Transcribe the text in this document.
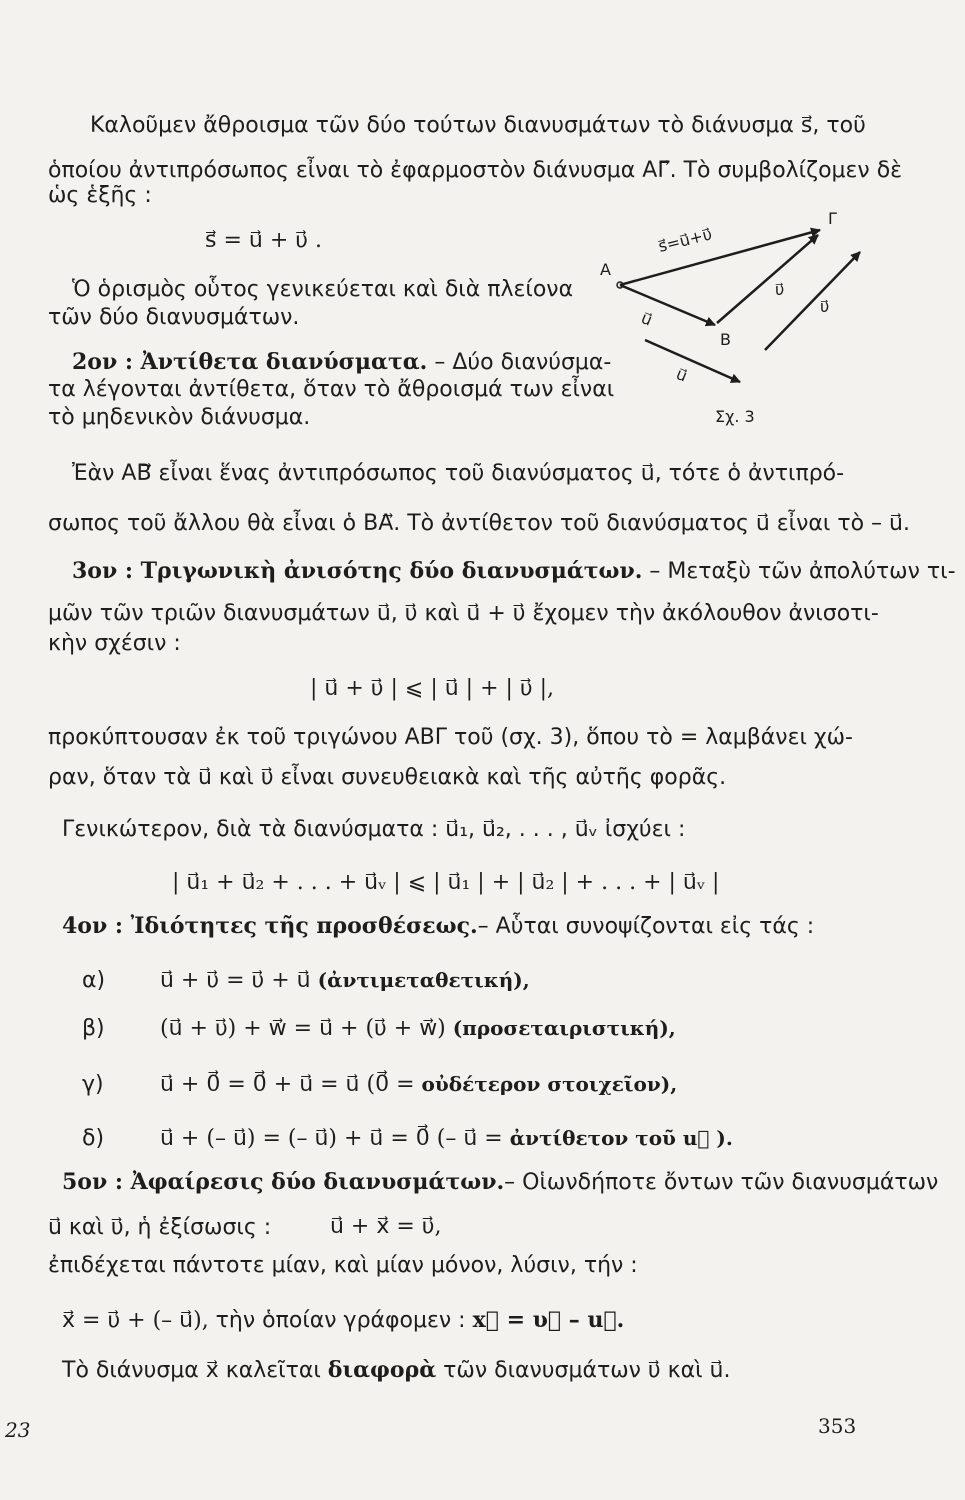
Καλοῦμεν ἄθροισμα τῶν δύο τούτων διανυσμάτων τὸ διάνυσμα s⃗, τοῦ
ὁποίου ἀντιπρόσωπος εἶναι τὸ ἐφαρμοστὸν διάνυσμα ΑΓ⃗. Τὸ συμβολίζομεν δὲ
ὡς ἑξῆς :
s⃗ = u⃗ + υ⃗ .
Ὁ ὁρισμὸς οὗτος γενικεύεται καὶ διὰ πλείονα
τῶν δύο διανυσμάτων.
2ον : Ἀντίθετα διανύσματα. – Δύο διανύσμα-
τα λέγονται ἀντίθετα, ὅταν τὸ ἄθροισμά των εἶναι
τὸ μηδενικὸν διάνυσμα.
Α
Β
Γ
s⃗=u⃗+υ⃗
u⃗
υ⃗
υ⃗
u⃗
Σχ. 3
Ἐὰν ΑΒ⃗ εἶναι ἕνας ἀντιπρόσωπος τοῦ διανύσματος u⃗, τότε ὁ ἀντιπρό-
σωπος τοῦ ἄλλου θὰ εἶναι ὁ ΒΑ⃗. Τὸ ἀντίθετον τοῦ διανύσματος u⃗ εἶναι τὸ – u⃗.
3ον : Τριγωνικὴ ἀνισότης δύο διανυσμάτων. – Μεταξὺ τῶν ἀπολύτων τι-
μῶν τῶν τριῶν διανυσμάτων u⃗, υ⃗ καὶ u⃗ + υ⃗ ἔχομεν τὴν ἀκόλουθον ἀνισοτι-
κὴν σχέσιν :
| u⃗ + υ⃗ | ⩽ | u⃗ | + | υ⃗ |,
προκύπτουσαν ἐκ τοῦ τριγώνου ΑΒΓ τοῦ (σχ. 3), ὅπου τὸ = λαμβάνει χώ-
ραν, ὅταν τὰ u⃗ καὶ υ⃗ εἶναι συνευθειακὰ καὶ τῆς αὐτῆς φορᾶς.
Γενικώτερον, διὰ τὰ διανύσματα : u⃗₁, u⃗₂, . . . , u⃗ᵥ ἰσχύει :
| u⃗₁ + u⃗₂ + . . . + u⃗ᵥ | ⩽ | u⃗₁ | + | u⃗₂ | + . . . + | u⃗ᵥ |
4ον : Ἰδιότητες τῆς προσθέσεως.– Αὗται συνοψίζονται εἰς τάς :
α) u⃗ + υ⃗ = υ⃗ + u⃗ (ἀντιμεταθετική),
β)	(u⃗ + υ⃗) + w⃗ = u⃗ + (υ⃗ + w⃗) (προσεταιριστική),
γ)	u⃗ + 0⃗ = 0⃗ + u⃗ = u⃗ (0⃗ = οὐδέτερον στοιχεῖον),
δ)	u⃗ + (– u⃗) = (– u⃗) + u⃗ = 0⃗ (– u⃗ = ἀντίθετον τοῦ u⃗ ).
5ον : Ἀφαίρεσις δύο διανυσμάτων.– Οἱωνδήποτε ὄντων τῶν διανυσμάτων
u⃗ καὶ υ⃗, ἡ ἐξίσωσις :	u⃗ + x⃗ = υ⃗,
ἐπιδέχεται πάντοτε μίαν, καὶ μίαν μόνον, λύσιν, τήν :
x⃗ = υ⃗ + (– u⃗), τὴν ὁποίαν γράφομεν : x⃗ = υ⃗ – u⃗.
Τὸ διάνυσμα x⃗ καλεῖται διαφορὰ τῶν διανυσμάτων υ⃗ καὶ u⃗.
23	353
